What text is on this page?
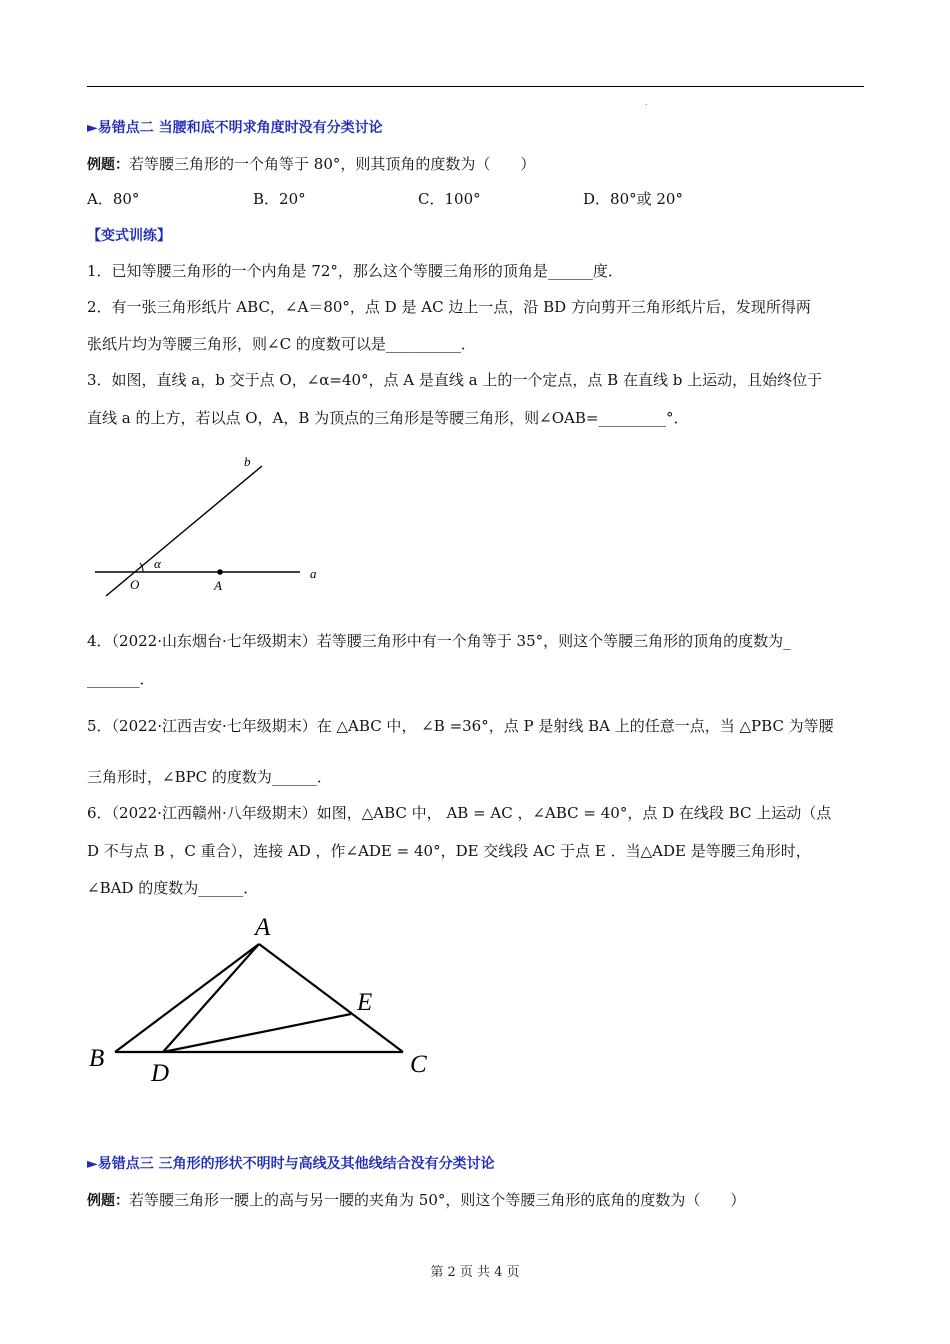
.
►易错点二 当腰和底不明求角度时没有分类讨论
例题：若等腰三角形的一个角等于 80°，则其顶角的度数为（　　）
A．80°	B．20°	C．100°	D．80°或 20°
【变式训练】
1．已知等腰三角形的一个内角是 72°，那么这个等腰三角形的顶角是______度．
2．有一张三角形纸片 ABC，∠A＝80°，点 D 是 AC 边上一点，沿 BD 方向剪开三角形纸片后，发现所得两
张纸片均为等腰三角形，则∠C 的度数可以是__________．
3．如图，直线 a，b 交于点 O，∠α=40°，点 A 是直线 a 上的一个定点，点 B 在直线 b 上运动，且始终位于
直线 a 的上方，若以点 O，A，B 为顶点的三角形是等腰三角形，则∠OAB=_________°．
b
α
O	A
a
4．（2022·山东烟台·七年级期末）若等腰三角形中有一个角等于 35°，则这个等腰三角形的顶角的度数为_
_______．
5．（2022·江西吉安·七年级期末）在 △ABC 中， ∠B =36°，点 P 是射线 BA 上的任意一点，当 △PBC 为等腰
三角形时，∠BPC 的度数为______．
6．（2022·江西赣州·八年级期末）如图，△ABC 中， AB = AC ，∠ABC = 40°，点 D 在线段 BC 上运动（点
D 不与点 B ，C 重合），连接 AD ，作∠ADE = 40°，DE 交线段 AC 于点 E ．当△ADE 是等腰三角形时，
∠BAD 的度数为______．
A
B	C
D
E
►易错点三 三角形的形状不明时与高线及其他线结合没有分类讨论
例题：若等腰三角形一腰上的高与另一腰的夹角为 50°，则这个等腰三角形的底角的度数为（　　）
第 2 页 共 4 页
